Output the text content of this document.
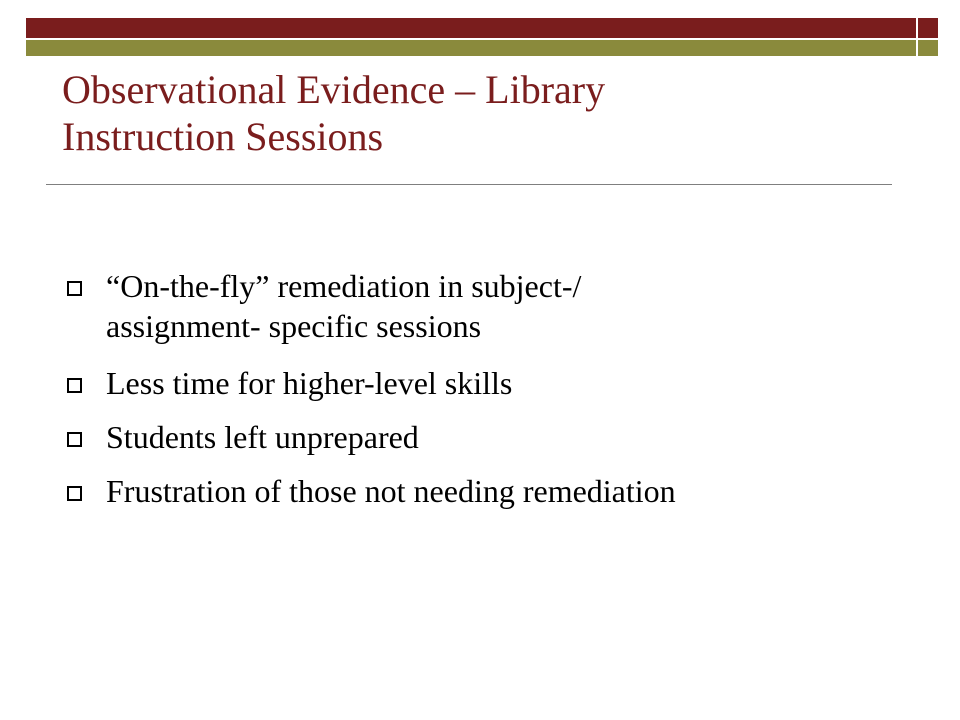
Observational Evidence – Library
Instruction Sessions
“On-the-fly” remediation in subject-/
assignment- specific sessions
Less time for higher-level skills
Students left unprepared
Frustration of those not needing remediation
